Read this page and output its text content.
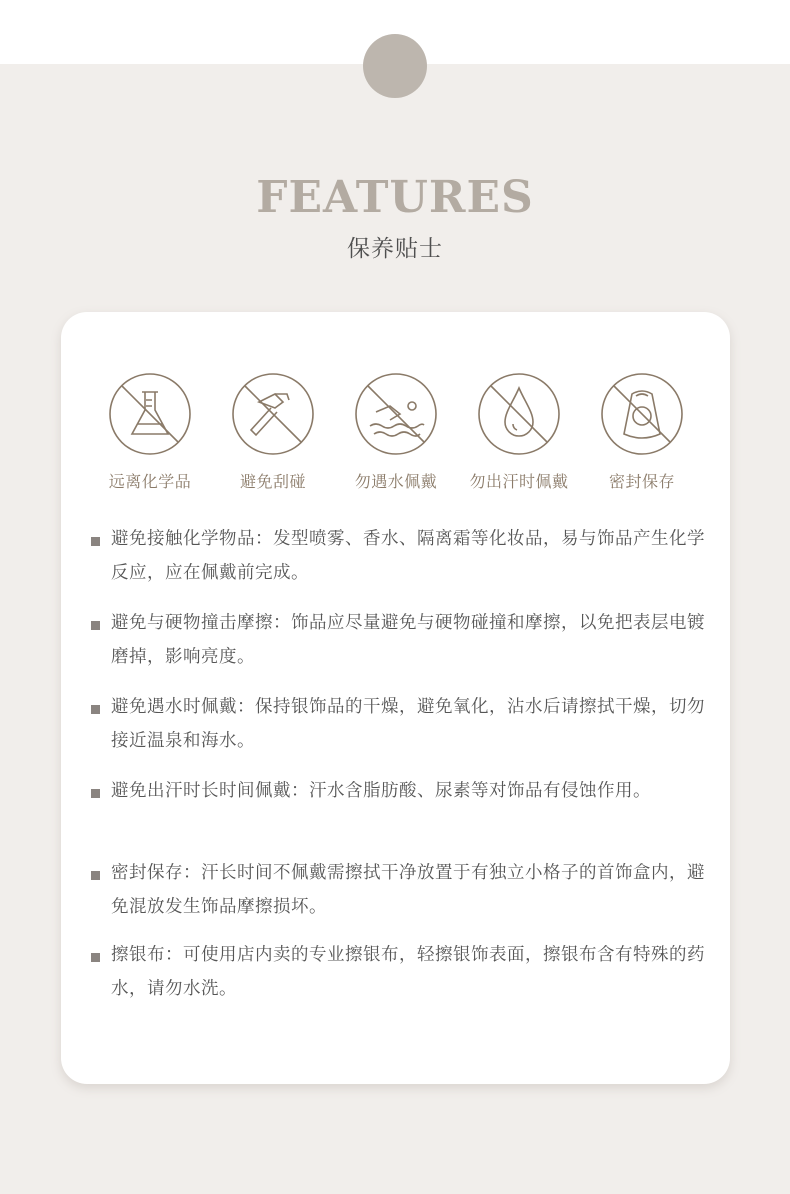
FEATURES
保养贴士
远离化学品	避免刮碰	勿遇水佩戴	勿出汗时佩戴	密封保存
避免接触化学物品：发型喷雾、香水、隔离霜等化妆品，易与饰品产生化学反应，应在佩戴前完成。
避免与硬物撞击摩擦：饰品应尽量避免与硬物碰撞和摩擦，以免把表层电镀磨掉，影响亮度。
避免遇水时佩戴：保持银饰品的干燥，避免氧化，沾水后请擦拭干燥，切勿接近温泉和海水。
避免出汗时长时间佩戴：汗水含脂肪酸、尿素等对饰品有侵蚀作用。
密封保存：汗长时间不佩戴需擦拭干净放置于有独立小格子的首饰盒内，避免混放发生饰品摩擦损坏。
擦银布：可使用店内卖的专业擦银布，轻擦银饰表面，擦银布含有特殊的药水，请勿水洗。
